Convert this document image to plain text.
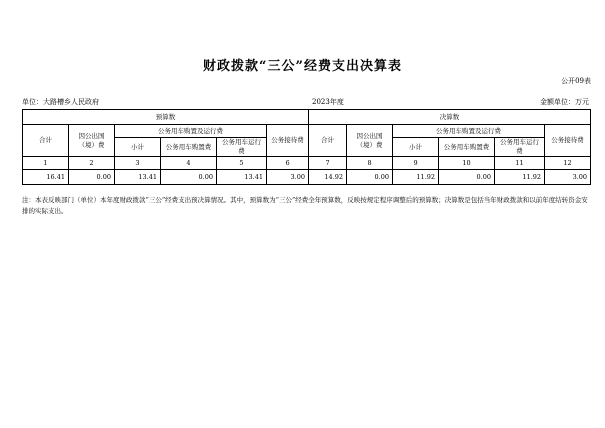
财政拨款“三公”经费支出决算表
公开09表
单位：大路槽乡人民政府	2023年度	金额单位：万元
预算数						决算数					
合计	因公出国（境）费	公务用车购置及运行费			公务接待费	合计	因公出国（境）费	公务用车购置及运行费			公务接待费
		小计	公务用车购置费	公务用车运行费				小计	公务用车购置费	公务用车运行费	
1	2	3	4	5	6	7	8	9	10	11	12
16.41	0.00	13.41	0.00	13.41	3.00	14.92	0.00	11.92	0.00	11.92	3.00
注：本表反映部门（单位）本年度财政拨款“三公”经费支出预决算情况。其中，预算数为“三公”经费全年预算数，反映按规定程序调整后的预算数；决算数是包括当年财政拨款和以前年度结转资金安排的实际支出。
